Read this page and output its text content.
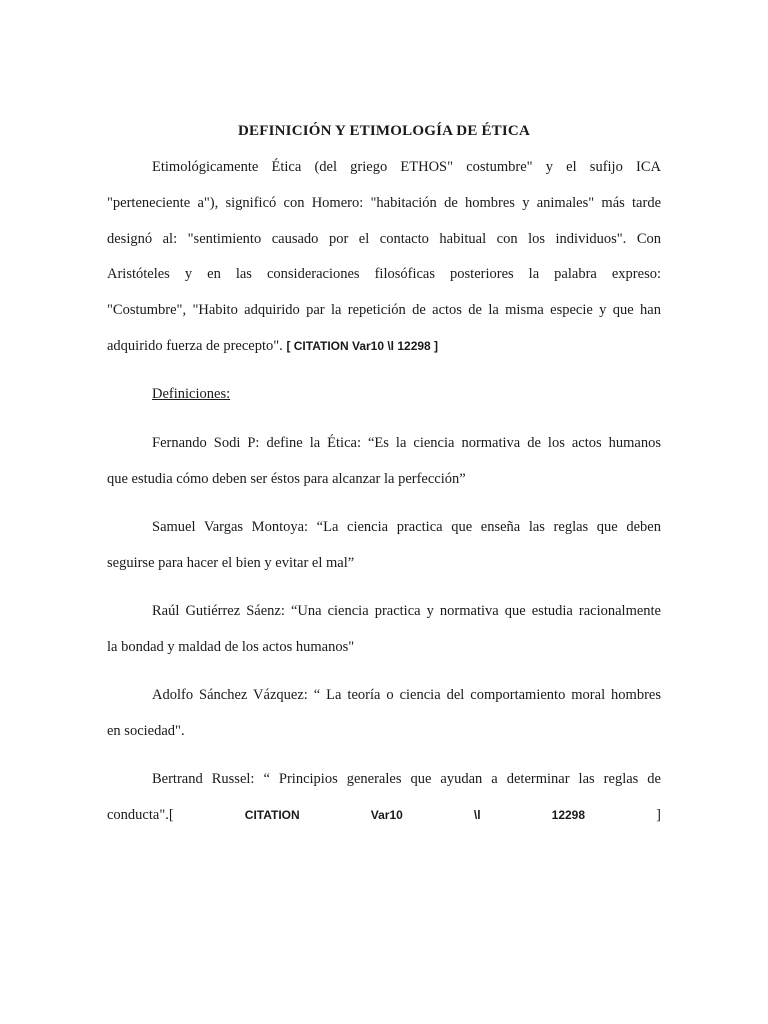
DEFINICIÓN Y ETIMOLOGÍA DE ÉTICA
Etimológicamente Ética (del griego ETHOS" costumbre" y el sufijo ICA
"perteneciente a"), significó con Homero: "habitación de hombres y animales" más tarde
designó al: "sentimiento causado por el contacto habitual con los individuos". Con
Aristóteles y en las consideraciones filosóficas posteriores la palabra expreso:
"Costumbre", "Habito adquirido par la repetición de actos de la misma especie y que han
adquirido fuerza de precepto". [ CITATION Var10 \l 12298 ]
Definiciones:
Fernando Sodi P: define la Ética: “Es la ciencia normativa de los actos humanos
que estudia cómo deben ser éstos para alcanzar la perfección”
Samuel Vargas Montoya: “La ciencia practica que enseña las reglas que deben
seguirse para hacer el bien y evitar el mal”
Raúl Gutiérrez Sáenz: “Una ciencia practica y normativa que estudia racionalmente
la bondad y maldad de los actos humanos"
Adolfo Sánchez Vázquez: “ La teoría o ciencia del comportamiento moral hombres
en sociedad".
Bertrand Russel: “ Principios generales que ayudan a determinar las reglas de
conducta".[	CITATION	Var10	\l	12298	]
